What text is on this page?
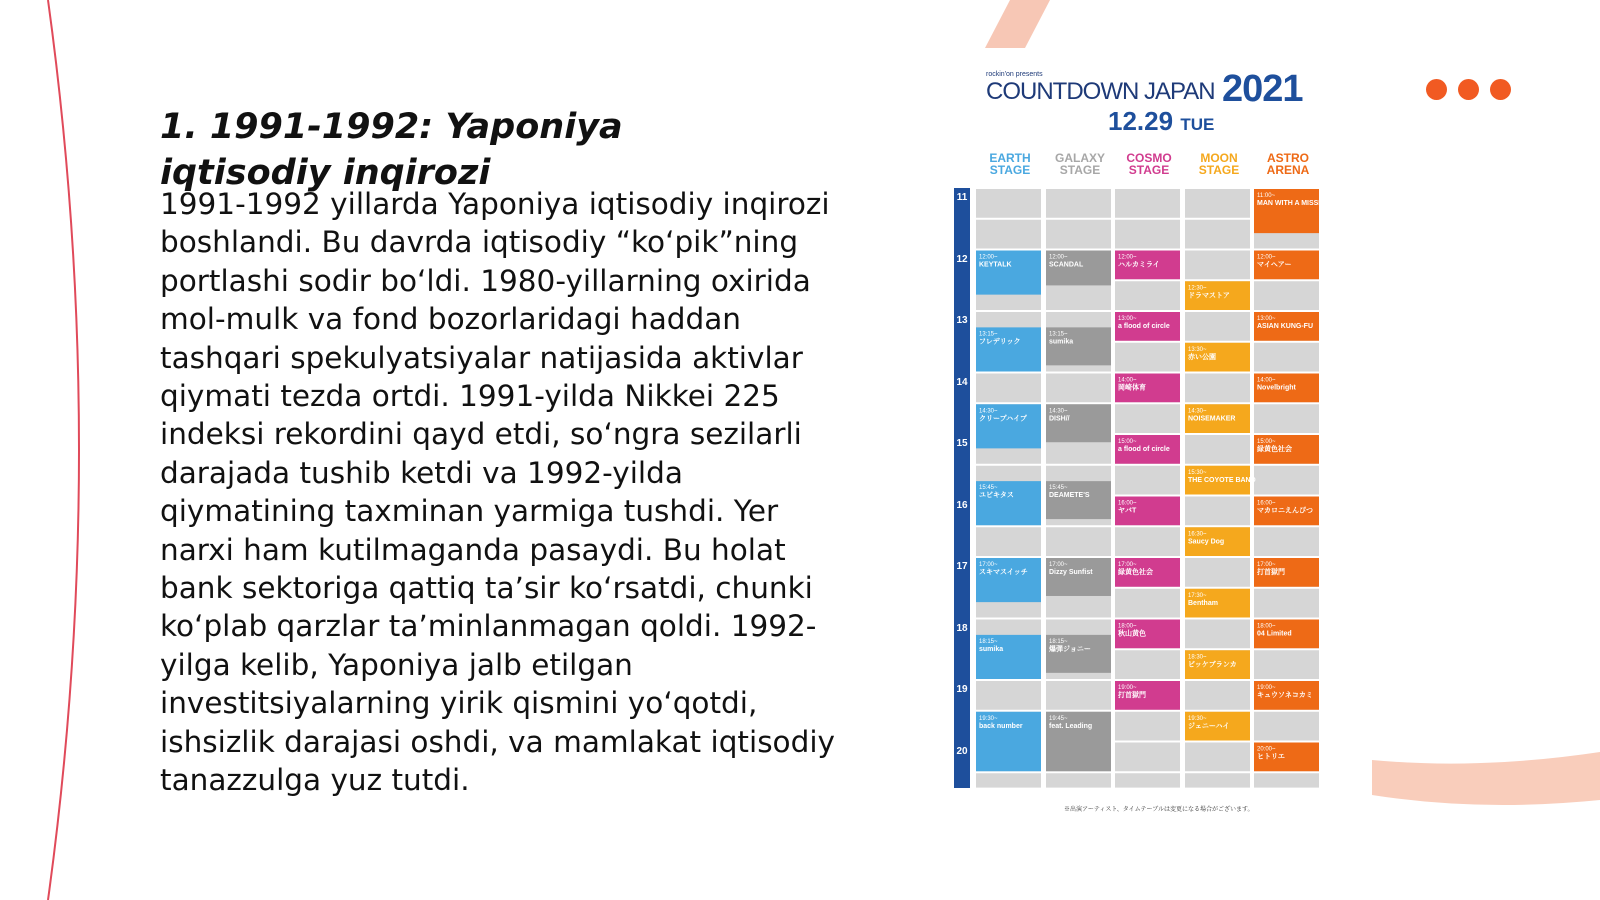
1. 1991-1992: Yaponiya iqtisodiy inqirozi

1991-1992 yillarda Yaponiya iqtisodiy inqirozi boshlandi. Bu davrda iqtisodiy “ko‘pik”ning portlashi sodir bo‘ldi. 1980-yillarning oxirida mol-mulk va fond bozorlaridagi haddan tashqari spekulyatsiyalar natijasida aktivlar qiymati tezda ortdi. 1991-yilda Nikkei 225 indeksi rekordini qayd etdi, so‘ngra sezilarli darajada tushib ketdi va 1992-yilda qiymatining taxminan yarmiga tushdi. Yer narxi ham kutilmaganda pasaydi. Bu holat bank sektoriga qattiq ta’sir ko‘rsatdi, chunki ko‘plab qarzlar ta’minlanmagan qoldi. 1992-yilga kelib, Yaponiya jalb etilgan investitsiyalarning yirik qismini yo‘qotdi, ishsizlik darajasi oshdi, va mamlakat iqtisodiy tanazzulga yuz tutdi.

rockin'on presents
COUNTDOWN JAPAN 2021
12.29 TUE
EARTH STAGE
GALAXY STAGE
COSMO STAGE
MOON STAGE
ASTRO ARENA
12:00~
KEYTALK
13:15~
フレデリック
14:30~
クリープハイプ
15:45~
ユビキタス
17:00~
スキマスイッチ
18:15~
sumika
19:30~
back number
12:00~
SCANDAL
13:15~
sumika
14:30~
DISH//
15:45~
DEAMETE'S
17:00~
Dizzy Sunfist
18:15~
爆弾ジョニー
19:45~
feat. Leading
12:00~
ハルカミライ
13:00~
a flood of circle
14:00~
岡崎体育
15:00~
a flood of circle
16:00~
ヤバT
17:00~
緑黄色社会
18:00~
秋山黄色
19:00~
打首獄門
12:30~
ドラマストア
13:30~
赤い公園
14:30~
NOISEMAKER
15:30~
THE COYOTE BAND
16:30~
Saucy Dog
17:30~
Bentham
18:30~
ビッケブランカ
19:30~
ジェニーハイ
11:00~
MAN WITH A MISSION
12:00~
マイヘアー
13:00~
ASIAN KUNG-FU
14:00~
Novelbright
15:00~
緑黄色社会
16:00~
マカロニえんぴつ
17:00~
打首獄門
18:00~
04 Limited
19:00~
キュウソネコカミ
20:00~
ヒトリエ
※出演アーティスト、タイムテーブルは変更になる場合がございます。
11
12
13
14
15
16
17
18
19
20
